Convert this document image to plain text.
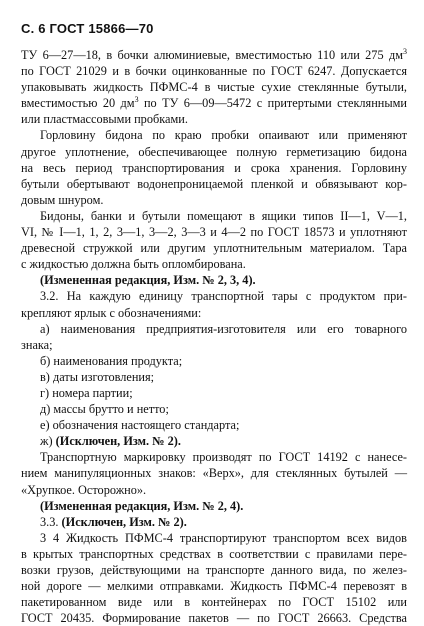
С. 6 ГОСТ 15866—70
ТУ 6—27—18, в бочки алюминиевые, вместимостью 110 или 275 $дм^3$
по ГОСТ 21029 и в бочки оцинкованные по ГОСТ 6247. Допускается
упаковывать жидкость ПФМС-4 в чистые сухие стеклянные бутыли,
вместимостью 20 $дм^3$ по ТУ 6—09—5472 с притертыми стеклянными
или пластмассовыми пробками.
Горловину бидона по краю пробки опаивают или применяют
другое уплотнение, обеспечивающее полную герметизацию бидона
на весь период транспортирования и срока хранения. Горловину
бутыли обертывают водонепроницаемой пленкой и обвязывают кор-
довым шнуром.
Бидоны, банки и бутыли помещают в ящики типов II—1, V—1,
VI, № I—1, 1, 2, 3—1, 3—2, 3—3 и 4—2 по ГОСТ 18573 и уплотняют
древесной стружкой или другим уплотнительным материалом. Тара
с жидкостью должна быть опломбирована.
(Измененная редакция, Изм. № 2, 3, 4).
3.2. На каждую единицу транспортной тары с продуктом при-
крепляют ярлык с обозначениями:
а) наименования предприятия-изготовителя или его товарного
знака;
б) наименования продукта;
в) даты изготовления;
г) номера партии;
д) массы брутто и нетто;
е) обозначения настоящего стандарта;
ж) (Исключен, Изм. № 2).
Транспортную маркировку производят по ГОСТ 14192 с нанесе-
нием манипуляционных знаков: «Верх», для стеклянных бутылей —
«Хрупкое. Осторожно».
(Измененная редакция, Изм. № 2, 4).
3.3. (Исключен, Изм. № 2).
3 4 Жидкость ПФМС-4 транспортируют транспортом всех видов
в крытых транспортных средствах в соответствии с правилами пере-
возки грузов, действующими на транспорте данного вида, по желез-
ной дороге — мелкими отправками. Жидкость ПФМС-4 перевозят в
пакетированном виде или в контейнерах по ГОСТ 15102 или
ГОСТ 20435. Формирование пакетов — по ГОСТ 26663. Средства
